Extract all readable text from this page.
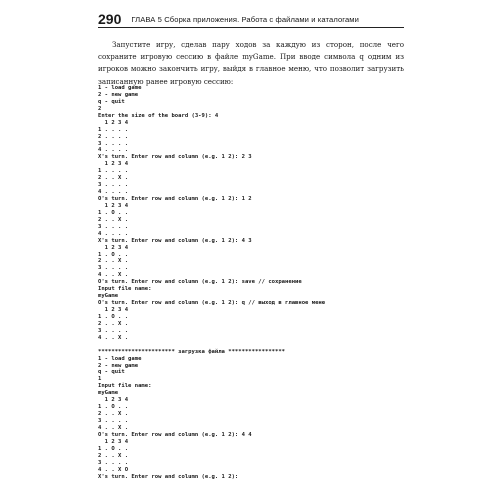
290 ГЛАВА 5 Сборка приложения. Работа с файлами и каталогами

Запустите игру, сделав пару ходов за каждую из сторон, после чего сохраните игровую сессию в файле myGame. При вводе символа q одним из игроков можно закончить игру, выйдя в главное меню, что позволит загрузить записанную ранее игровую сессию:

1 - load game
2 - new game
q - quit
2
Enter the size of the board (3-9): 4
1 2 3 4
1 . . . .
2 . . . .
3 . . . .
4 . . . .
X's turn. Enter row and column (e.g. 1 2): 2 3
1 2 3 4
1 . . . .
2 . . X .
3 . . . .
4 . . . .
O's turn. Enter row and column (e.g. 1 2): 1 2
1 2 3 4
1 . O . .
2 . . X .
3 . . . .
4 . . . .
X's turn. Enter row and column (e.g. 1 2): 4 3
1 2 3 4
1 . O . .
2 . . X .
3 . . . .
4 . . X .
O's turn. Enter row and column (e.g. 1 2): save // сохранение
Input file name:
myGame
O's turn. Enter row and column (e.g. 1 2): q // выход в главное меню
1 2 3 4
1 . O . .
2 . . X .
3 . . . .
4 . . X .

*********************** загрузка файла *****************
1 - load game
2 - new game
q - quit
1
Input file name:
myGame
1 2 3 4
1 . O . .
2 . . X .
3 . . . .
4 . . X .
O's turn. Enter row and column (e.g. 1 2): 4 4
1 2 3 4
1 . O . .
2 . . X .
3 . . . .
4 . . X O
X's turn. Enter row and column (e.g. 1 2):
